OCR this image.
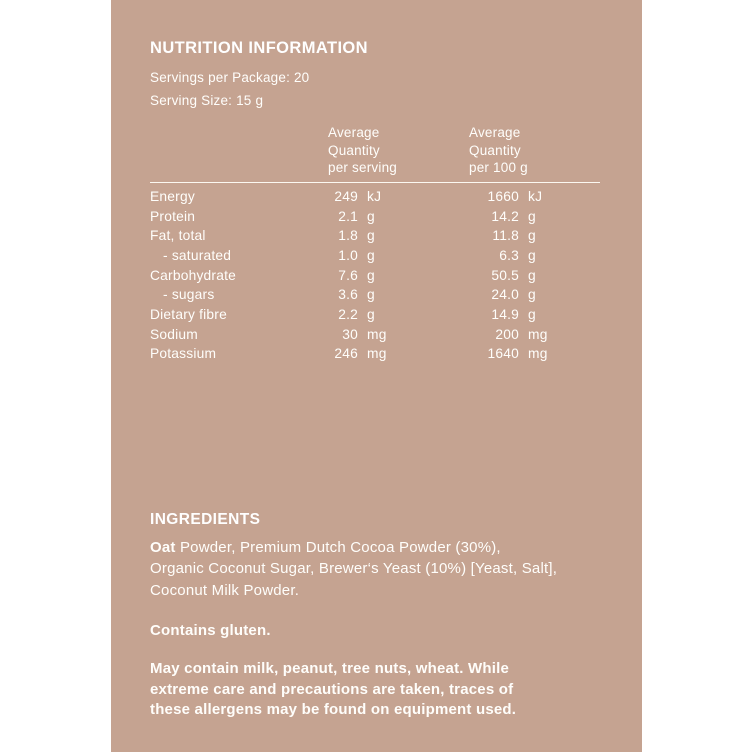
NUTRITION INFORMATION
Servings per Package: 20
Serving Size: 15 g
Average
Quantity
per serving
Average
Quantity
per 100 g
Energy	249 kJ	1660 kJ
Protein	2.1 g	14.2 g
Fat, total	1.8 g	11.8 g
- saturated	1.0 g	6.3 g
Carbohydrate	7.6 g	50.5 g
- sugars	3.6 g	24.0 g
Dietary fibre	2.2 g	14.9 g
Sodium	30 mg	200 mg
Potassium	246 mg	1640 mg
INGREDIENTS
Oat Powder, Premium Dutch Cocoa Powder (30%),
Organic Coconut Sugar, Brewer‘s Yeast (10%) [Yeast, Salt],
Coconut Milk Powder.
Contains gluten.
May contain milk, peanut, tree nuts, wheat. While
extreme care and precautions are taken, traces of
these allergens may be found on equipment used.
